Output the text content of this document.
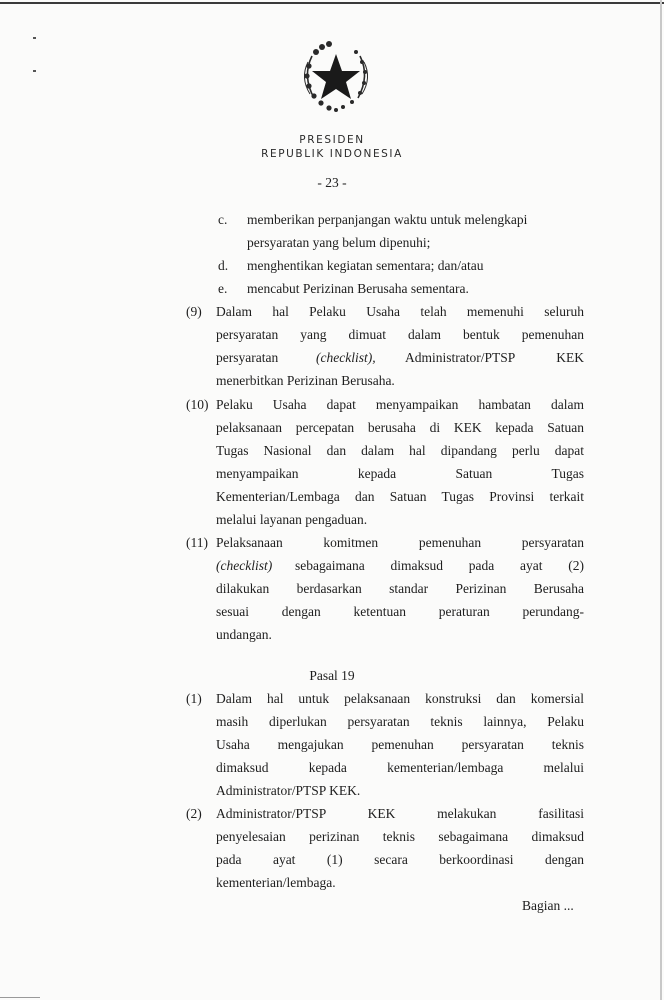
PRESIDEN
REPUBLIK INDONESIA
- 23 -
c. memberikan perpanjangan waktu untuk melengkapi
persyaratan yang belum dipenuhi;
d. menghentikan kegiatan sementara; dan/atau
e. mencabut Perizinan Berusaha sementara.
(9) Dalam hal Pelaku Usaha telah memenuhi seluruh
persyaratan yang dimuat dalam bentuk pemenuhan
persyaratan	(checklist), Administrator/PTSP KEK
menerbitkan Perizinan Berusaha.
(10) Pelaku Usaha dapat menyampaikan hambatan dalam
pelaksanaan percepatan berusaha di KEK kepada Satuan
Tugas Nasional dan dalam hal dipandang perlu dapat
menyampaikan kepada Satuan Tugas
Kementerian/Lembaga dan Satuan Tugas Provinsi terkait
melalui layanan pengaduan.
(11) Pelaksanaan komitmen pemenuhan persyaratan
(checklist) sebagaimana dimaksud pada ayat (2)
dilakukan berdasarkan standar Perizinan Berusaha
sesuai dengan ketentuan peraturan perundang-
undangan.
Pasal 19
(1) Dalam hal untuk pelaksanaan konstruksi dan komersial
masih diperlukan persyaratan teknis lainnya, Pelaku
Usaha mengajukan pemenuhan persyaratan teknis
dimaksud kepada kementerian/lembaga melalui
Administrator/PTSP KEK.
(2) Administrator/PTSP KEK melakukan fasilitasi
penyelesaian perizinan teknis sebagaimana dimaksud
pada ayat (1) secara berkoordinasi dengan
kementerian/lembaga.
Bagian ...
